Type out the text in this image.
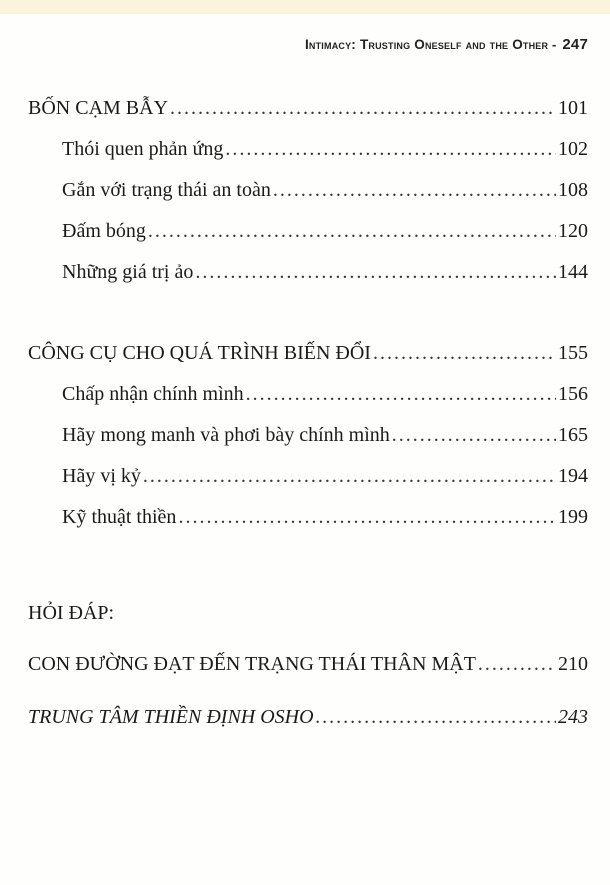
Intimacy: Trusting Oneself and the Other - 247
BỐN CẠM BẪY .....	101
Thói quen phản ứng .....	102
Gắn với trạng thái an toàn .....	108
Đấm bóng .....	120
Những giá trị ảo .....	144
CÔNG CỤ CHO QUÁ TRÌNH BIẾN ĐỔI .....	155
Chấp nhận chính mình .....	156
Hãy mong manh và phơi bày chính mình .....	165
Hãy vị kỷ .....	194
Kỹ thuật thiền .....	199
HỎI ĐÁP:
CON ĐƯỜNG ĐẠT ĐẾN TRẠNG THÁI THÂN MẬT .....	210
TRUNG TÂM THIỀN ĐỊNH OSHO .....	243
